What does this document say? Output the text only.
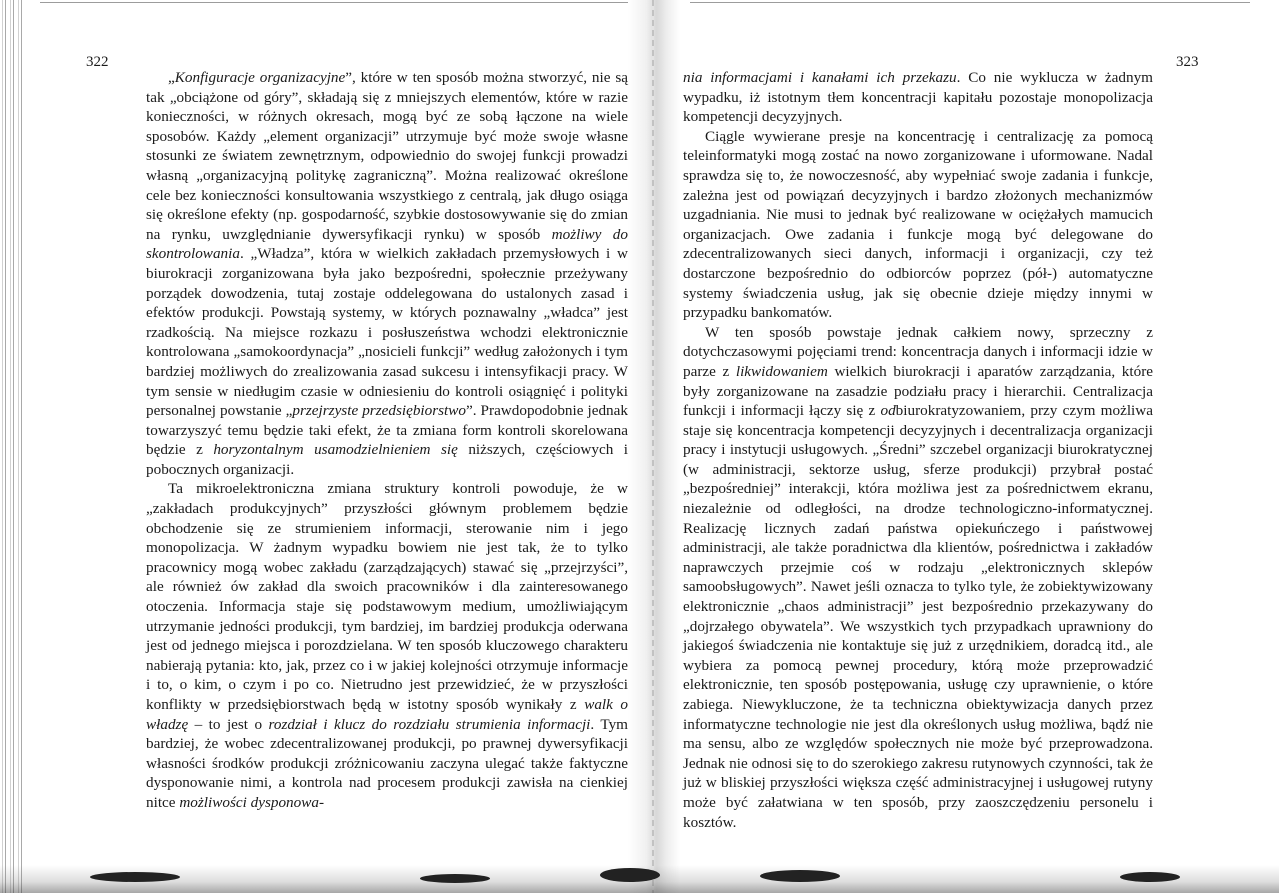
322	323

„Konfiguracje organizacyjne”, które w ten sposób można stworzyć, nie są tak „obciążone od góry”, składają się z mniejszych elementów, które w razie konieczności, w różnych okresach, mogą być ze sobą łączone na wiele sposobów. Każdy „element organizacji” utrzymuje być może swoje własne stosunki ze światem zewnętrznym, odpowiednio do swojej funkcji prowadzi własną „organizacyjną politykę zagraniczną”. Można realizować określone cele bez konieczności konsultowania wszystkiego z centralą, jak długo osiąga się określone efekty (np. gospodarność, szybkie dostosowywanie się do zmian na rynku, uwzględnianie dywersyfikacji rynku) w sposób możliwy do skontrolowania. „Władza”, która w wielkich zakładach przemysłowych i w biurokracji zorganizowana była jako bezpośredni, społecznie przeżywany porządek dowodzenia, tutaj zostaje oddelegowana do ustalonych zasad i efektów produkcji. Powstają systemy, w których poznawalny „władca” jest rzadkością. Na miejsce rozkazu i posłuszeństwa wchodzi elektronicznie kontrolowana „samokoordynacja” „nosicieli funkcji” według założonych i tym bardziej możliwych do zrealizowania zasad sukcesu i intensyfikacji pracy. W tym sensie w niedługim czasie w odniesieniu do kontroli osiągnięć i polityki personalnej powstanie „przejrzyste przedsiębiorstwo”. Prawdopodobnie jednak towarzyszyć temu będzie taki efekt, że ta zmiana form kontroli skorelowana będzie z horyzontalnym usamodzielnieniem się niższych, częściowych i pobocznych organizacji.

Ta mikroelektroniczna zmiana struktury kontroli powoduje, że w „zakładach produkcyjnych” przyszłości głównym problemem będzie obchodzenie się ze strumieniem informacji, sterowanie nim i jego monopolizacja. W żadnym wypadku bowiem nie jest tak, że to tylko pracownicy mogą wobec zakładu (zarządzających) stawać się „przejrzyści”, ale również ów zakład dla swoich pracowników i dla zainteresowanego otoczenia. Informacja staje się podstawowym medium, umożliwiającym utrzymanie jedności produkcji, tym bardziej, im bardziej produkcja oderwana jest od jednego miejsca i porozdzielana. W ten sposób kluczowego charakteru nabierają pytania: kto, jak, przez co i w jakiej kolejności otrzymuje informacje i to, o kim, o czym i po co. Nietrudno jest przewidzieć, że w przyszłości konflikty w przedsiębiorstwach będą w istotny sposób wynikały z walk o władzę – to jest o rozdział i klucz do rozdziału strumienia informacji. Tym bardziej, że wobec zdecentralizowanej produkcji, po prawnej dywersyfikacji własności środków produkcji zróżnicowaniu zaczyna ulegać także faktyczne dysponowanie nimi, a kontrola nad procesem produkcji zawisła na cienkiej nitce możliwości dysponowa-

nia informacjami i kanałami ich przekazu. Co nie wyklucza w żadnym wypadku, iż istotnym tłem koncentracji kapitału pozostaje monopolizacja kompetencji decyzyjnych.

Ciągle wywierane presje na koncentrację i centralizację za pomocą teleinformatyki mogą zostać na nowo zorganizowane i uformowane. Nadal sprawdza się to, że nowoczesność, aby wypełniać swoje zadania i funkcje, zależna jest od powiązań decyzyjnych i bardzo złożonych mechanizmów uzgadniania. Nie musi to jednak być realizowane w ociężałych mamucich organizacjach. Owe zadania i funkcje mogą być delegowane do zdecentralizowanych sieci danych, informacji i organizacji, czy też dostarczone bezpośrednio do odbiorców poprzez (pół-) automatyczne systemy świadczenia usług, jak się obecnie dzieje między innymi w przypadku bankomatów.

W ten sposób powstaje jednak całkiem nowy, sprzeczny z dotychczasowymi pojęciami trend: koncentracja danych i informacji idzie w parze z likwidowaniem wielkich biurokracji i aparatów zarządzania, które były zorganizowane na zasadzie podziału pracy i hierarchii. Centralizacja funkcji i informacji łączy się z odbiurokratyzowaniem, przy czym możliwa staje się koncentracja kompetencji decyzyjnych i decentralizacja organizacji pracy i instytucji usługowych. „Średni” szczebel organizacji biurokratycznej (w administracji, sektorze usług, sferze produkcji) przybrał postać „bezpośredniej” interakcji, która możliwa jest za pośrednictwem ekranu, niezależnie od odległości, na drodze technologiczno-informatycznej. Realizację licznych zadań państwa opiekuńczego i państwowej administracji, ale także poradnictwa dla klientów, pośrednictwa i zakładów naprawczych przejmie coś w rodzaju „elektronicznych sklepów samoobsługowych”. Nawet jeśli oznacza to tylko tyle, że zobiektywizowany elektronicznie „chaos administracji” jest bezpośrednio przekazywany do „dojrzałego obywatela”. We wszystkich tych przypadkach uprawniony do jakiegoś świadczenia nie kontaktuje się już z urzędnikiem, doradcą itd., ale wybiera za pomocą pewnej procedury, którą może przeprowadzić elektronicznie, ten sposób postępowania, usługę czy uprawnienie, o które zabiega. Niewykluczone, że ta techniczna obiektywizacja danych przez informatyczne technologie nie jest dla określonych usług możliwa, bądź nie ma sensu, albo ze względów społecznych nie może być przeprowadzona. Jednak nie odnosi się to do szerokiego zakresu rutynowych czynności, tak że już w bliskiej przyszłości większa część administracyjnej i usługowej rutyny może być załatwiana w ten sposób, przy zaoszczędzeniu personelu i kosztów.
